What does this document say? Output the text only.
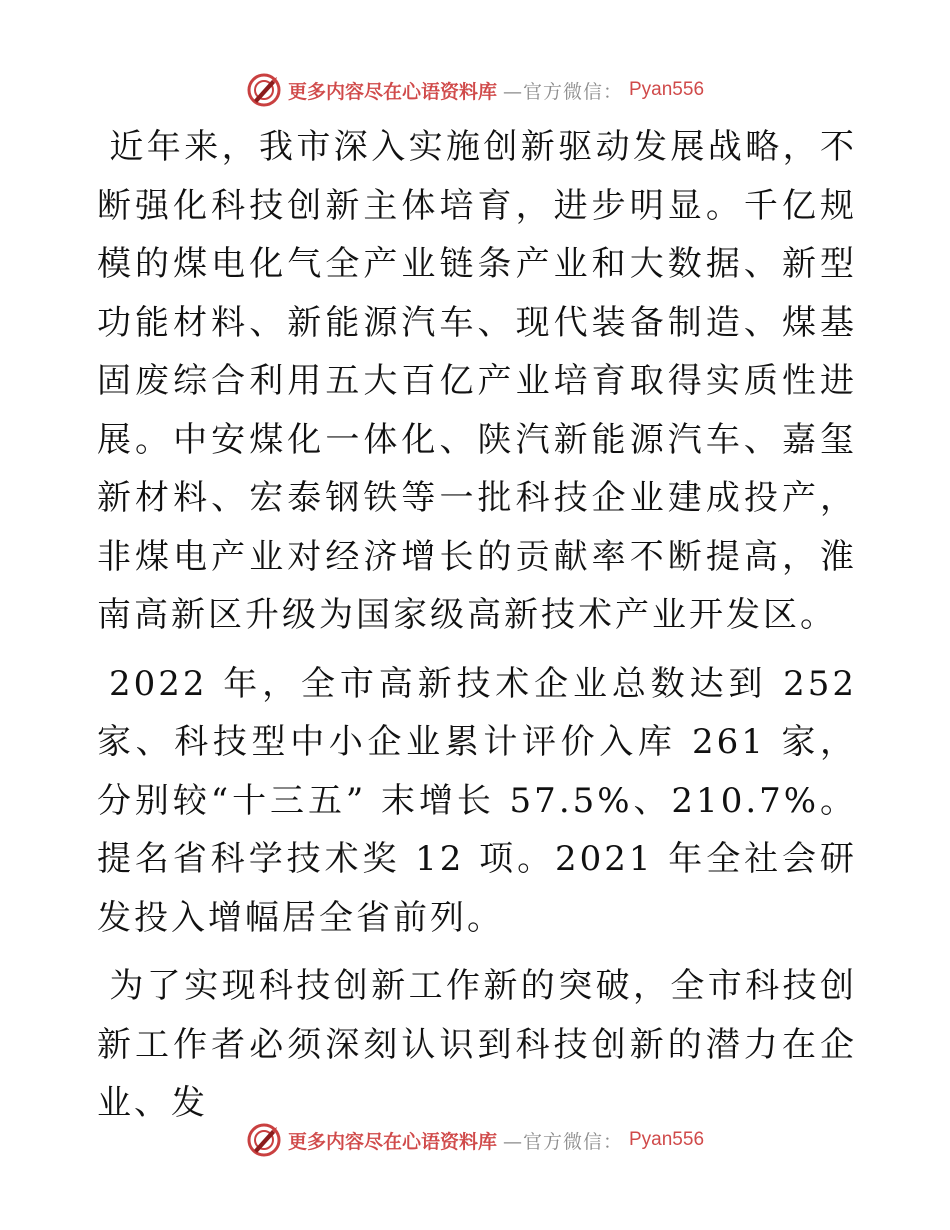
更多内容尽在心语资料库 —官方微信： Pyan556

近年来，我市深入实施创新驱动发展战略，不断强化科技创新主体培育，进步明显。千亿规模的煤电化气全产业链条产业和大数据、新型功能材料、新能源汽车、现代装备制造、煤基固废综合利用五大百亿产业培育取得实质性进展。中安煤化一体化、陕汽新能源汽车、嘉玺新材料、宏泰钢铁等一批科技企业建成投产，非煤电产业对经济增长的贡献率不断提高，淮南高新区升级为国家级高新技术产业开发区。

2022 年，全市高新技术企业总数达到 252 家、科技型中小企业累计评价入库 261 家，分别较“十三五” 末增长 57.5%、210.7%。提名省科学技术奖 12 项。2021 年全社会研发投入增幅居全省前列。

为了实现科技创新工作新的突破，全市科技创新工作者必须深刻认识到科技创新的潜力在企业、发

更多内容尽在心语资料库 —官方微信： Pyan556
